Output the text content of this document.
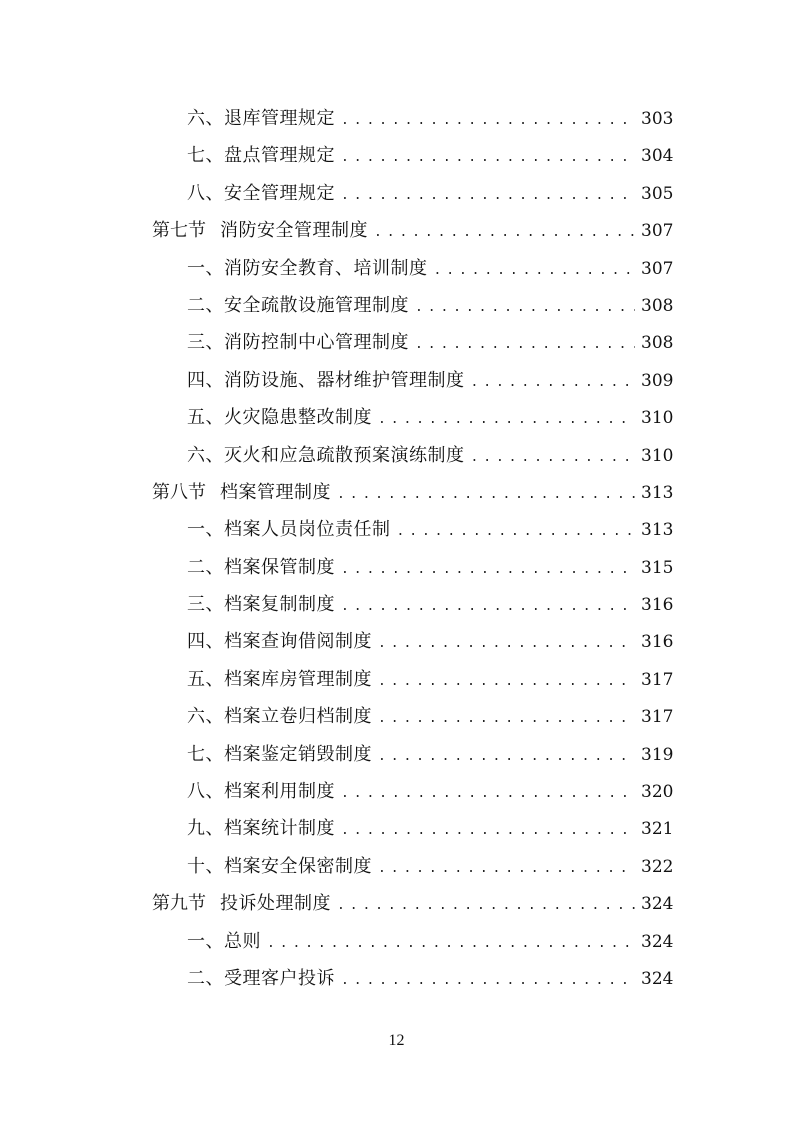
六、退库管理规定 .....	303
七、盘点管理规定 .....	304
八、安全管理规定 .....	305
第七节 消防安全管理制度 .....	307
一、消防安全教育、培训制度 .....	307
二、安全疏散设施管理制度 .....	308
三、消防控制中心管理制度 .....	308
四、消防设施、器材维护管理制度 .....	309
五、火灾隐患整改制度 .....	310
六、灭火和应急疏散预案演练制度 .....	310
第八节 档案管理制度 .....	313
一、档案人员岗位责任制 .....	313
二、档案保管制度 .....	315
三、档案复制制度 .....	316
四、档案查询借阅制度 .....	316
五、档案库房管理制度 .....	317
六、档案立卷归档制度 .....	317
七、档案鉴定销毁制度 .....	319
八、档案利用制度 .....	320
九、档案统计制度 .....	321
十、档案安全保密制度 .....	322
第九节 投诉处理制度 .....	324
一、总则 .....	324
二、受理客户投诉 .....	324
12
